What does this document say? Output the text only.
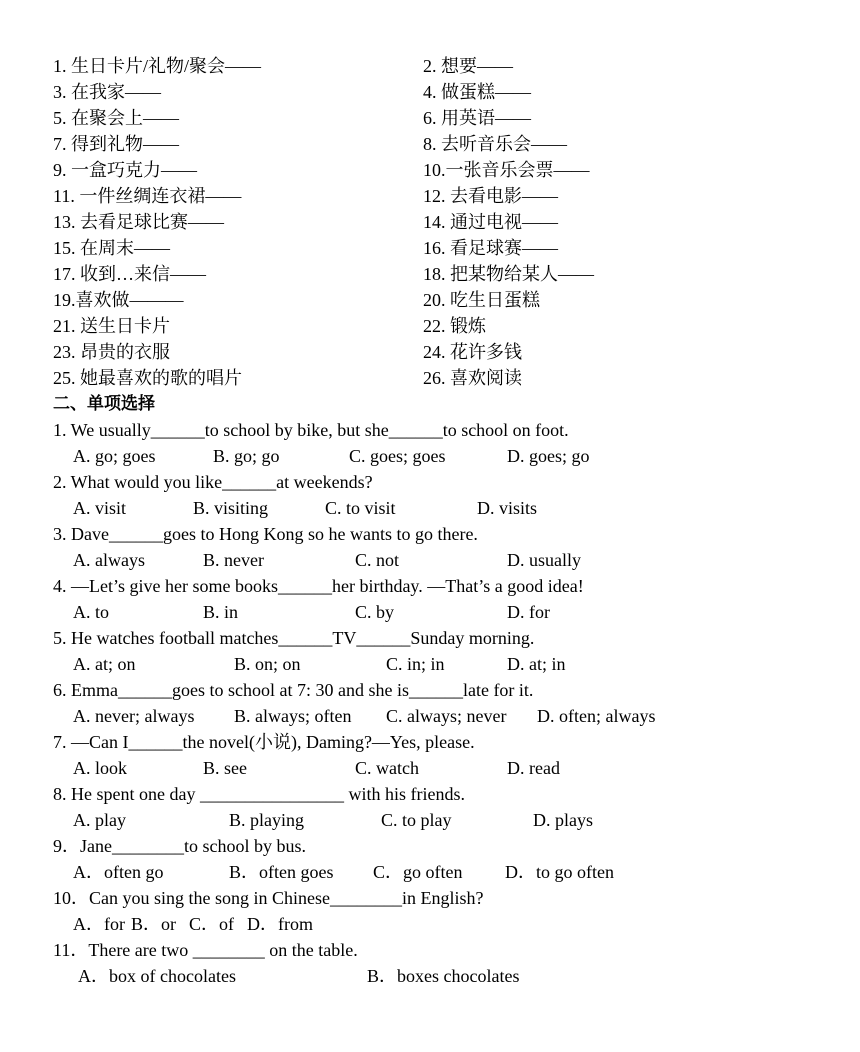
1. 生日卡片/礼物/聚会——	2. 想要——
3. 在我家——	4. 做蛋糕——
5. 在聚会上——	6. 用英语——
7. 得到礼物——	8. 去听音乐会——
9. 一盒巧克力——	10.一张音乐会票——
11. 一件丝绸连衣裙——	12. 去看电影——
13. 去看足球比赛——	14. 通过电视——
15. 在周末——	16. 看足球赛——
17. 收到…来信——	18. 把某物给某人——
19.喜欢做———	20. 吃生日蛋糕
21. 送生日卡片	22. 锻炼
23. 昂贵的衣服	24. 花许多钱
25. 她最喜欢的歌的唱片	26. 喜欢阅读
二、单项选择
1. We usually______to school by bike, but she______to school on foot.
A. go; goes	B. go; go	C. goes; goes	D. goes; go
2. What would you like______at weekends?
A. visit	B. visiting	C. to visit	D. visits
3. Dave______goes to Hong Kong so he wants to go there.
A. always	B. never	C. not	D. usually
4. —Let’s give her some books______her birthday. —That’s a good idea!
A. to	B. in	C. by	D. for
5. He watches football matches______TV______Sunday morning.
A. at; on	B. on; on	C. in; in	D. at; in
6. Emma______goes to school at 7: 30 and she is______late for it.
A. never; always B. always; often C. always; never D. often; always
7. —Can I______the novel(小说), Daming?—Yes, please.
A. look	B. see	C. watch	D. read
8. He spent one day ________________ with his friends.
A. play	B. playing	C. to play	D. plays
9．Jane________to school by bus.
A．often go	B．often goes C．go often D．to go often
10．Can you sing the song in Chinese________in English?
A．for B．or C．of D．from
11．There are two ________ on the table.
A．box of chocolates	B．boxes chocolates
